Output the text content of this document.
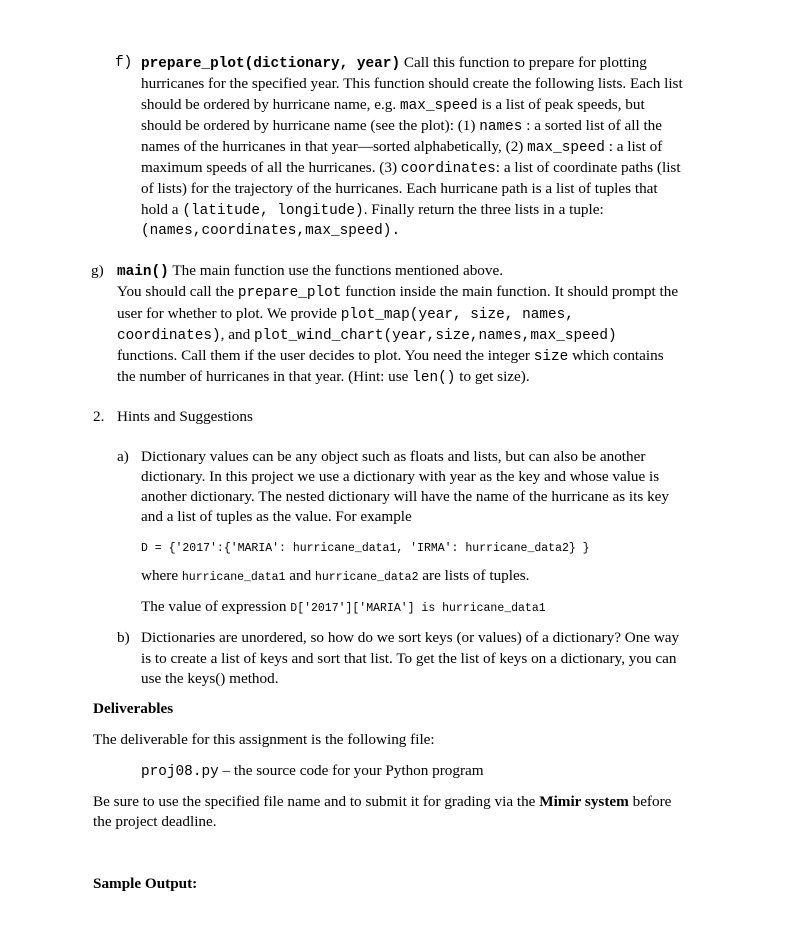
f) prepare_plot(dictionary, year) Call this function to prepare for plotting
hurricanes for the specified year. This function should create the following lists. Each list
should be ordered by hurricane name, e.g. max_speed is a list of peak speeds, but
should be ordered by hurricane name (see the plot): (1) names : a sorted list of all the
names of the hurricanes in that year—sorted alphabetically, (2) max_speed : a list of
maximum speeds of all the hurricanes. (3) coordinates: a list of coordinate paths (list
of lists) for the trajectory of the hurricanes. Each hurricane path is a list of tuples that
hold a (latitude, longitude). Finally return the three lists in a tuple:
(names,coordinates,max_speed).
g) main() The main function use the functions mentioned above.
You should call the prepare_plot function inside the main function. It should prompt the
user for whether to plot. We provide plot_map(year, size, names,
coordinates), and plot_wind_chart(year,size,names,max_speed)
functions. Call them if the user decides to plot. You need the integer size which contains
the number of hurricanes in that year. (Hint: use len() to get size).
2. Hints and Suggestions
a) Dictionary values can be any object such as floats and lists, but can also be another
dictionary. In this project we use a dictionary with year as the key and whose value is
another dictionary. The nested dictionary will have the name of the hurricane as its key
and a list of tuples as the value. For example
D = {'2017':{'MARIA': hurricane_data1, 'IRMA': hurricane_data2} }
where hurricane_data1 and hurricane_data2 are lists of tuples.
The value of expression D['2017']['MARIA'] is hurricane_data1
b) Dictionaries are unordered, so how do we sort keys (or values) of a dictionary? One way
is to create a list of keys and sort that list. To get the list of keys on a dictionary, you can
use the keys() method.
Deliverables
The deliverable for this assignment is the following file:
proj08.py – the source code for your Python program
Be sure to use the specified file name and to submit it for grading via the Mimir system before
the project deadline.
Sample Output:
